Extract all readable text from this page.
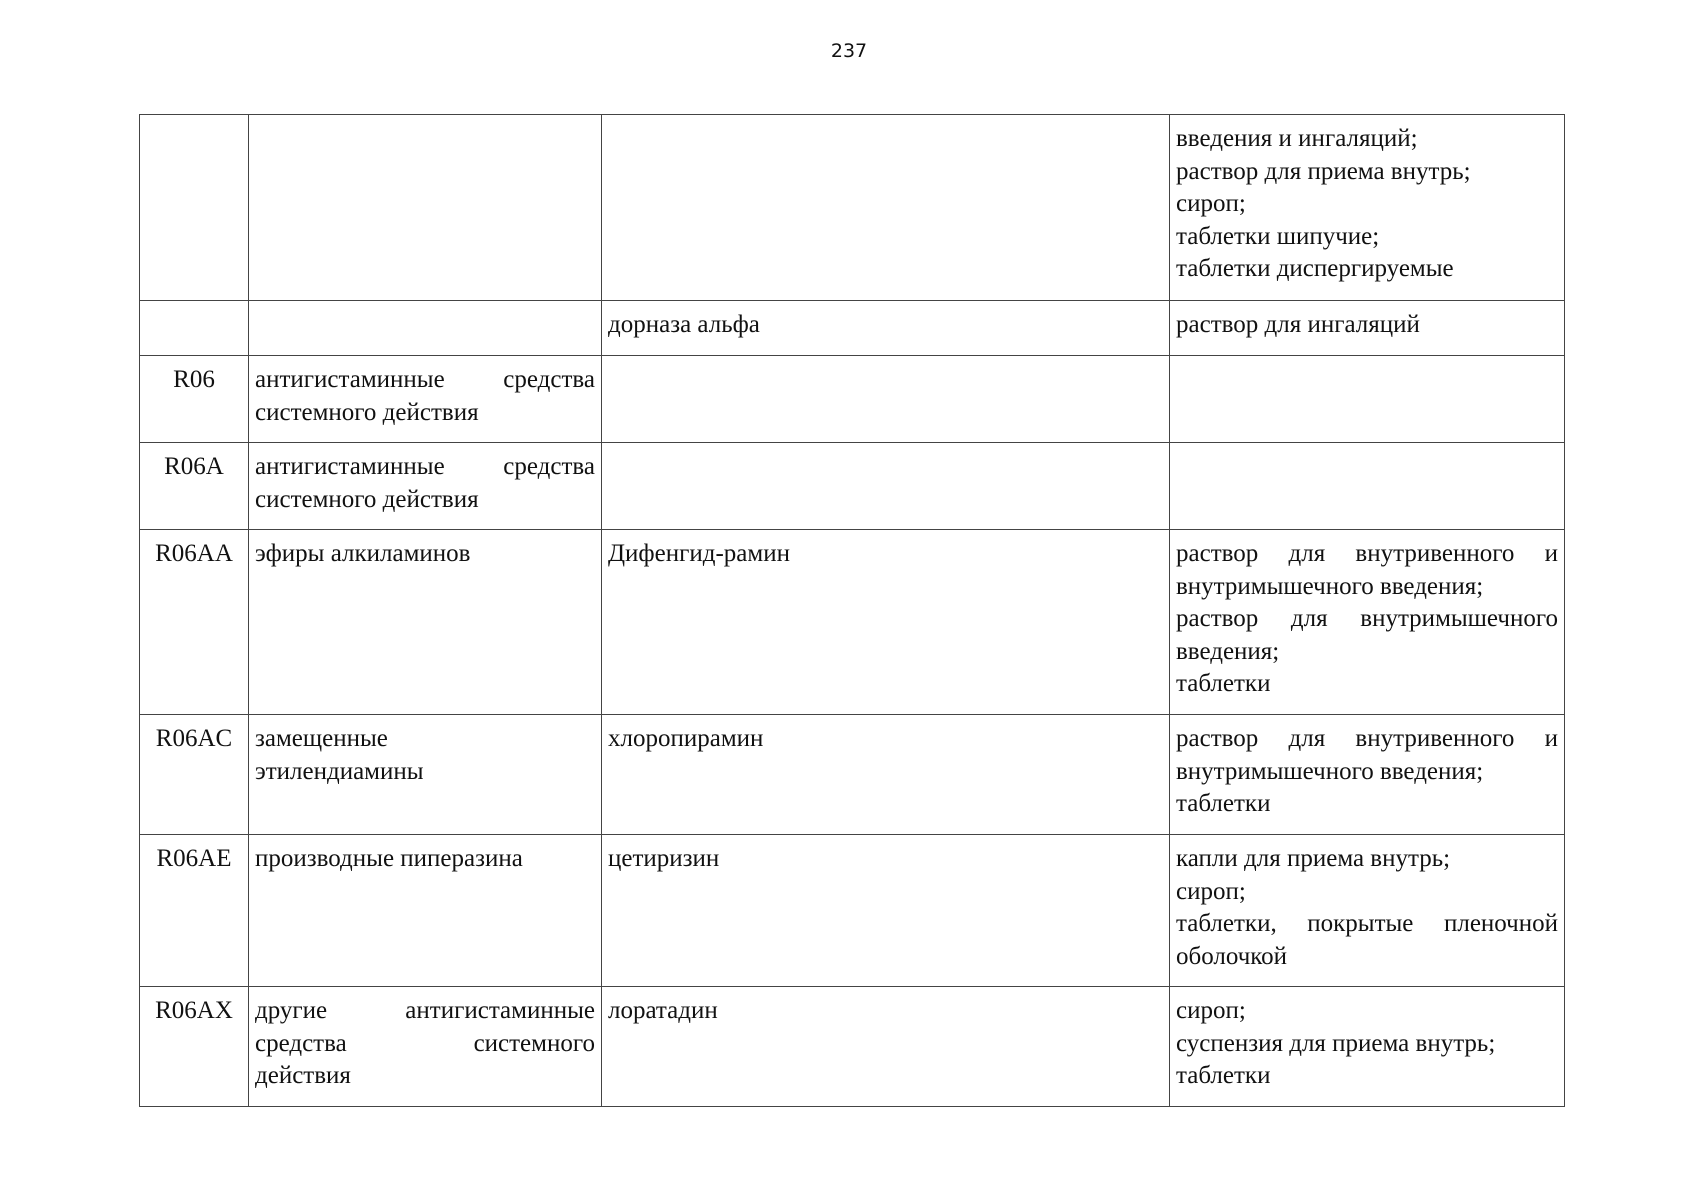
237

			введения и ингаляций;
раствор для приема внутрь;
сироп;
таблетки шипучие;
таблетки диспергируемые

		дорназа альфа	раствор для ингаляций

R06	антигистаминные средства
системного действия		

R06A	антигистаминные средства
системного действия		

R06AA	эфиры алкиламинов	Дифенгид-рамин	раствор для внутривенного и
внутримышечного введения;
раствор для внутримышечного
введения;
таблетки

R06AC	замещенные
этилендиамины	хлоропирамин	раствор для внутривенного и
внутримышечного введения;
таблетки

R06AE	производные пиперазина	цетиризин	капли для приема внутрь;
сироп;
таблетки, покрытые пленочной
оболочкой

R06AX	другие антигистаминные
средства системного
действия	лоратадин	сироп;
суспензия для приема внутрь;
таблетки
